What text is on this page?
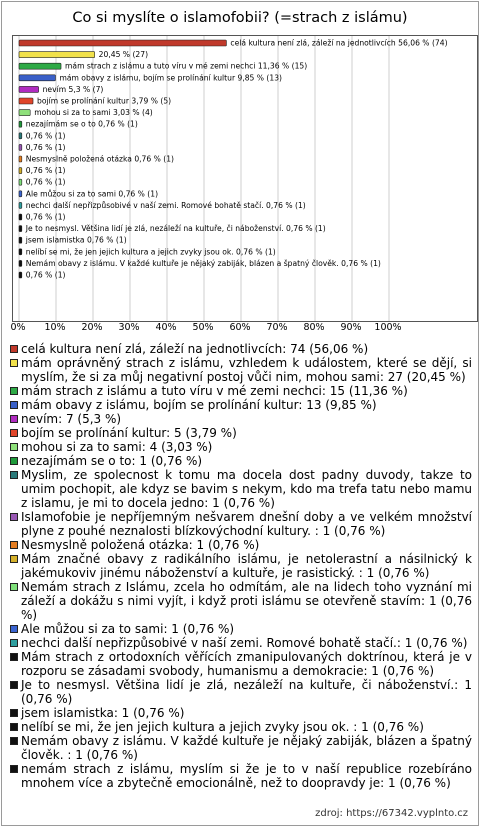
Co si myslíte o islamofobii? (=strach z islámu)
celá kultura není zlá, záleží na jednotlivcích 56,06 % (74)
20,45 % (27)
mám strach z islámu a tuto víru v mé zemi nechci 11,36 % (15)
mám obavy z islámu, bojím se prolínání kultur 9,85 % (13)
nevím 5,3 % (7)
bojím se prolínání kultur 3,79 % (5)
mohou si za to sami 3,03 % (4)
nezajímám se o to 0,76 % (1)
0,76 % (1)
0,76 % (1)
Nesmyslně položená otázka 0,76 % (1)
0,76 % (1)
0,76 % (1)
Ale můžou si za to sami 0,76 % (1)
nechci další nepřizpůsobivé v naší zemi. Romové bohatě stačí. 0,76 % (1)
0,76 % (1)
Je to nesmysl. Většina lidí je zlá, nezáleží na kultuře, či náboženství. 0,76 % (1)
jsem islamistka 0,76 % (1)
nelíbí se mi, že jen jejich kultura a jejich zvyky jsou ok. 0,76 % (1)
Nemám obavy z islámu. V každé kultuře je nějaký zabiják, blázen a špatný člověk. 0,76 % (1)
0,76 % (1)
0% 10% 20% 30% 40% 50% 60% 70% 80% 90% 100%
celá kultura není zlá, záleží na jednotlivcích: 74 (56,06 %)
mám oprávněný strach z islámu, vzhledem k událostem, které se dějí, si myslím, že si za můj negativní postoj vůči nim, mohou sami: 27 (20,45 %)
mám strach z islámu a tuto víru v mé zemi nechci: 15 (11,36 %)
mám obavy z islámu, bojím se prolínání kultur: 13 (9,85 %)
nevím: 7 (5,3 %)
bojím se prolínání kultur: 5 (3,79 %)
mohou si za to sami: 4 (3,03 %)
nezajímám se o to: 1 (0,76 %)
Myslim, ze spolecnost k tomu ma docela dost padny duvody, takze to umim pochopit, ale kdyz se bavim s nekym, kdo ma trefa tatu nebo mamu z islamu, je mi to docela jedno: 1 (0,76 %)
Islamofobie je nepříjemným nešvarem dnešní doby a ve velkém množství plyne z pouhé neznalosti blízkovýchodní kultury. : 1 (0,76 %)
Nesmyslně položená otázka: 1 (0,76 %)
Mám značné obavy z radikálního islámu, je netolerastní a násilnický k jakémukoviv jinému náboženství a kultuře, je rasistický. : 1 (0,76 %)
Nemám strach z Islámu, zcela ho odmítám, ale na lidech toho vyznání mi záleží a dokážu s nimi vyjít, i když proti islámu se otevřeně stavím: 1 (0,76 %)
Ale můžou si za to sami: 1 (0,76 %)
nechci další nepřizpůsobivé v naší zemi. Romové bohatě stačí.: 1 (0,76 %)
Mám strach z ortodoxních věřících zmanipulovaných doktrínou, která je v rozporu se zásadami svobody, humanismu a demokracie: 1 (0,76 %)
Je to nesmysl. Většina lidí je zlá, nezáleží na kultuře, či náboženství.: 1 (0,76 %)
jsem islamistka: 1 (0,76 %)
nelíbí se mi, že jen jejich kultura a jejich zvyky jsou ok. : 1 (0,76 %)
Nemám obavy z islámu. V každé kultuře je nějaký zabiják, blázen a špatný člověk. : 1 (0,76 %)
nemám strach z islámu, myslím si že je to v naší republice rozebíráno mnohem více a zbytečně emocionálně, než to doopravdy je: 1 (0,76 %)
zdroj: https://67342.vyplnto.cz
